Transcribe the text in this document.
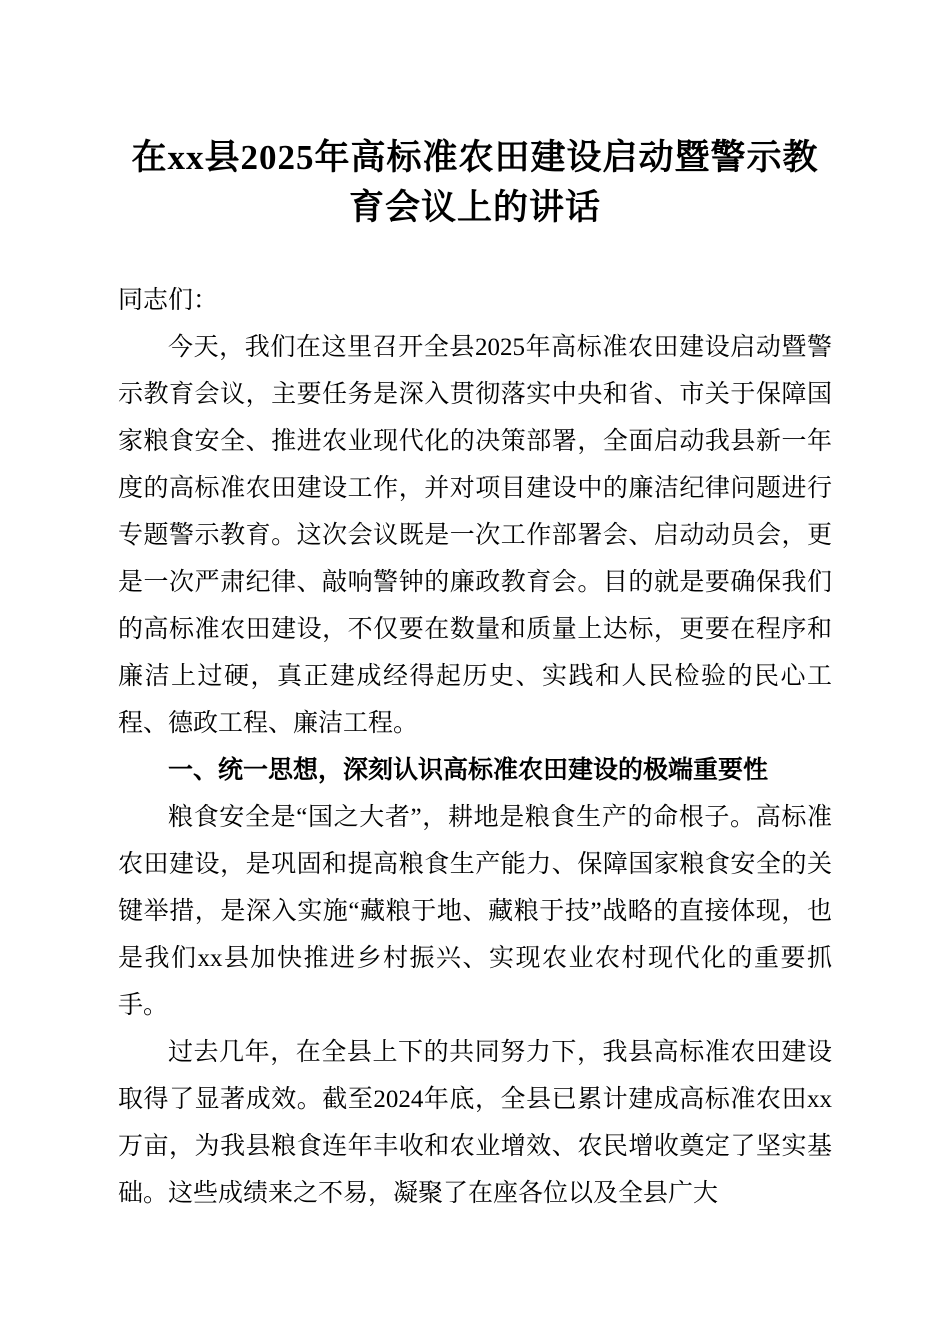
在xx县2025年高标准农田建设启动暨警示教育会议上的讲话

同志们：

今天，我们在这里召开全县2025年高标准农田建设启动暨警示教育会议，主要任务是深入贯彻落实中央和省、市关于保障国家粮食安全、推进农业现代化的决策部署，全面启动我县新一年度的高标准农田建设工作，并对项目建设中的廉洁纪律问题进行专题警示教育。这次会议既是一次工作部署会、启动动员会，更是一次严肃纪律、敲响警钟的廉政教育会。目的就是要确保我们的高标准农田建设，不仅要在数量和质量上达标，更要在程序和廉洁上过硬，真正建成经得起历史、实践和人民检验的民心工程、德政工程、廉洁工程。

一、统一思想，深刻认识高标准农田建设的极端重要性

粮食安全是“国之大者”，耕地是粮食生产的命根子。高标准农田建设，是巩固和提高粮食生产能力、保障国家粮食安全的关键举措，是深入实施“藏粮于地、藏粮于技”战略的直接体现，也是我们xx县加快推进乡村振兴、实现农业农村现代化的重要抓手。

过去几年，在全县上下的共同努力下，我县高标准农田建设取得了显著成效。截至2024年底，全县已累计建成高标准农田xx万亩，为我县粮食连年丰收和农业增效、农民增收奠定了坚实基础。这些成绩来之不易，凝聚了在座各位以及全县广大
